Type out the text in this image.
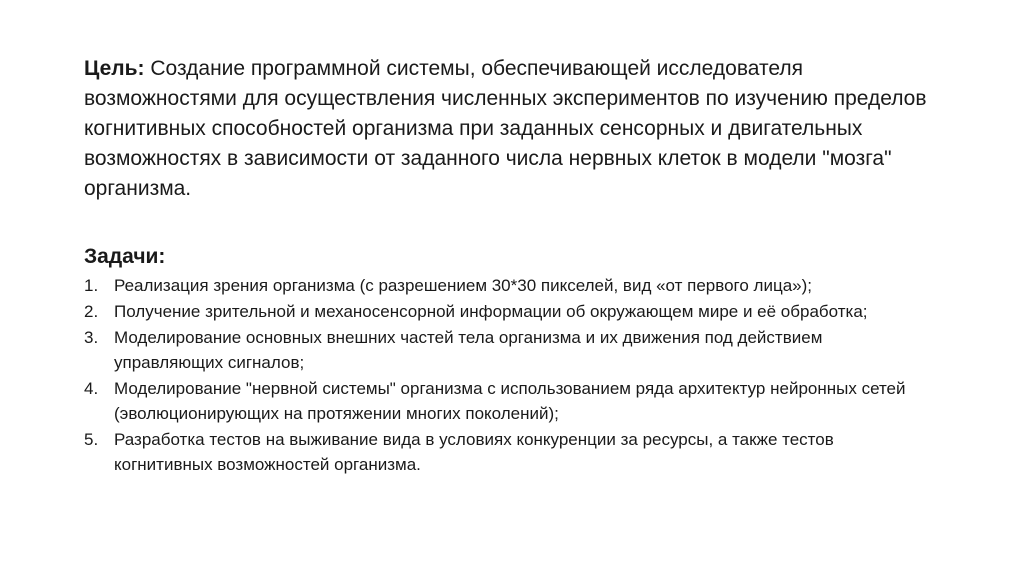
Цель: Создание программной системы, обеспечивающей исследователя возможностями для осуществления численных экспериментов по изучению пределов когнитивных способностей организма при заданных сенсорных и двигательных возможностях в зависимости от заданного числа нервных клеток в модели "мозга" организма.

Задачи:
1. Реализация зрения организма (с разрешением 30*30 пикселей, вид «от первого лица»);
2. Получение зрительной и механосенсорной информации об окружающем мире и её обработка;
3. Моделирование основных внешних частей тела организма и их движения под действием управляющих сигналов;
4. Моделирование "нервной системы" организма с использованием ряда архитектур нейронных сетей (эволюционирующих на протяжении многих поколений);
5. Разработка тестов на выживание вида в условиях конкуренции за ресурсы, а также тестов когнитивных возможностей организма.
